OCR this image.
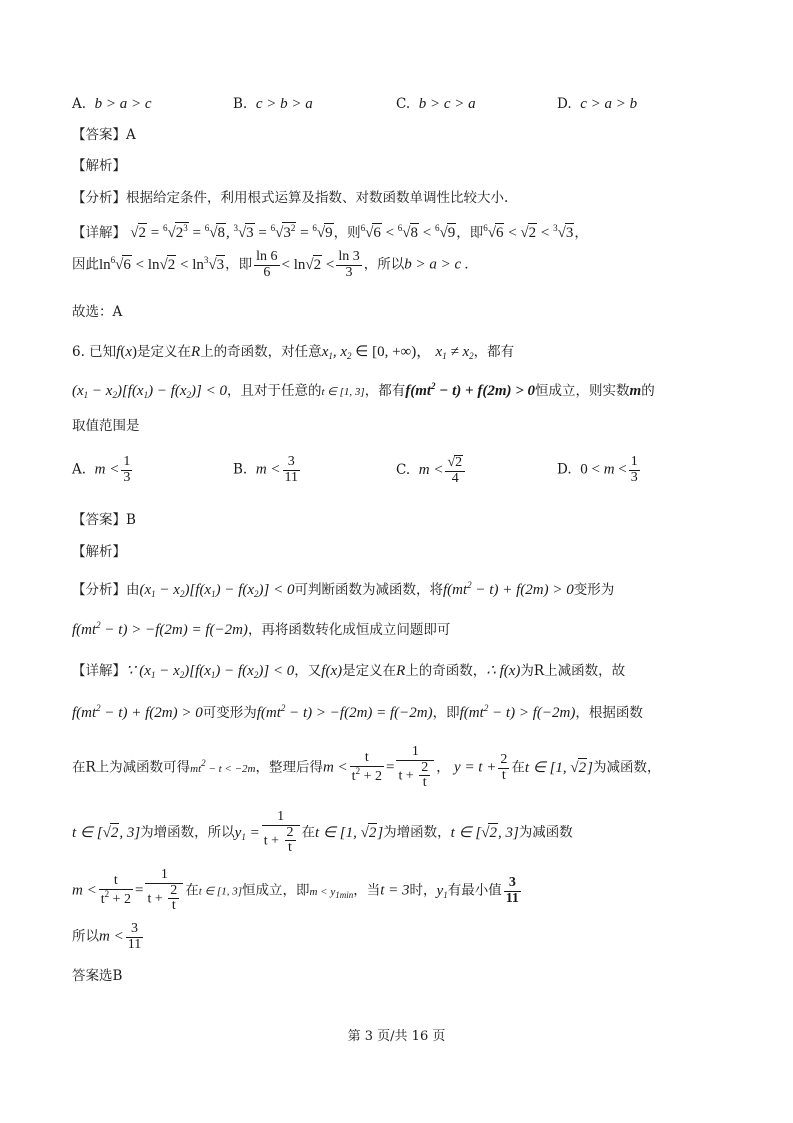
A. b > a > c	B. c > b > a	C. b > c > a	D. c > a > b
【答案】A
【解析】
【分析】根据给定条件，利用根式运算及指数、对数函数单调性比较大小.
【详解】 $√2 = ^6√2^3 = ^6√8$, $^3√3 = ^6√3^2 = ^6√9$，则$^6$√6 < $^6$√8 < $^6$√9，即$^6$√6 < √2 < $^3$√3，
因此$\ln^6√6 < \ln√2 < \ln^3√3$，即 $\frac{\ln 6}{6} < \ln√2 < \frac{\ln 3}{3}$ ，所以b > a > c .
故选：A
6. 已知f(x)是定义在R上的奇函数，对任意$x_1$, $x_2$ ∈ [0, +∞)， $x_1 \ne x_2$，都有
$(x_1 - x_2)[f(x_1) - f(x_2)] < 0$，且对于任意的t ∈ [1, 3]，都有$f(mt^2 - t) + f(2m) > 0$恒成立，则实数m的
取值范围是
A. $m < \frac{1}{3}$	B. $m < \frac{3}{11}$	C. $m < \frac{√2}{4}$	D. $0 < m < \frac{1}{3}$
【答案】B
【解析】
【分析】由$(x_1 - x_2)[f(x_1) - f(x_2)] < 0$可判断函数为减函数，将$f(mt^2 - t) + f(2m) > 0$变形为
$f(mt^2 - t) > -f(2m) = f(-2m)$，再将函数转化成恒成立问题即可
【详解】∵ $(x_1 - x_2)[f(x_1) - f(x_2)] < 0$，又f(x)是定义在R上的奇函数，∴ f(x)为R上减函数，故
$f(mt^2 - t) + f(2m) > 0$可变形为$f(mt^2 - t) > -f(2m) = f(-2m)$，即$f(mt^2 - t) > f(-2m)$，根据函数
在R上为减函数可得$mt^2 - t < -2m$，整理后得$m < \frac{t}{t^2 + 2} = \frac{1}{t + \frac{2}{t}}$ ， $y = t + \frac{2}{t}$ 在t ∈ [1, √2]为减函数，
t ∈ [√2, 3]为增函数，所以$y_1 = \frac{1}{t + \frac{2}{t}}$ 在t ∈ [1, √2]为增函数，t ∈ [√2, 3]为减函数
$m < \frac{t}{t^2 + 2} = \frac{1}{t + \frac{2}{t}}$ 在t ∈ [1, 3]恒成立，即$m < y_{1min}$，当t = 3时，$y_1$有最小值 $\frac{3}{11}$
所以$m < \frac{3}{11}$
答案选B
第 3 页/共 16 页
